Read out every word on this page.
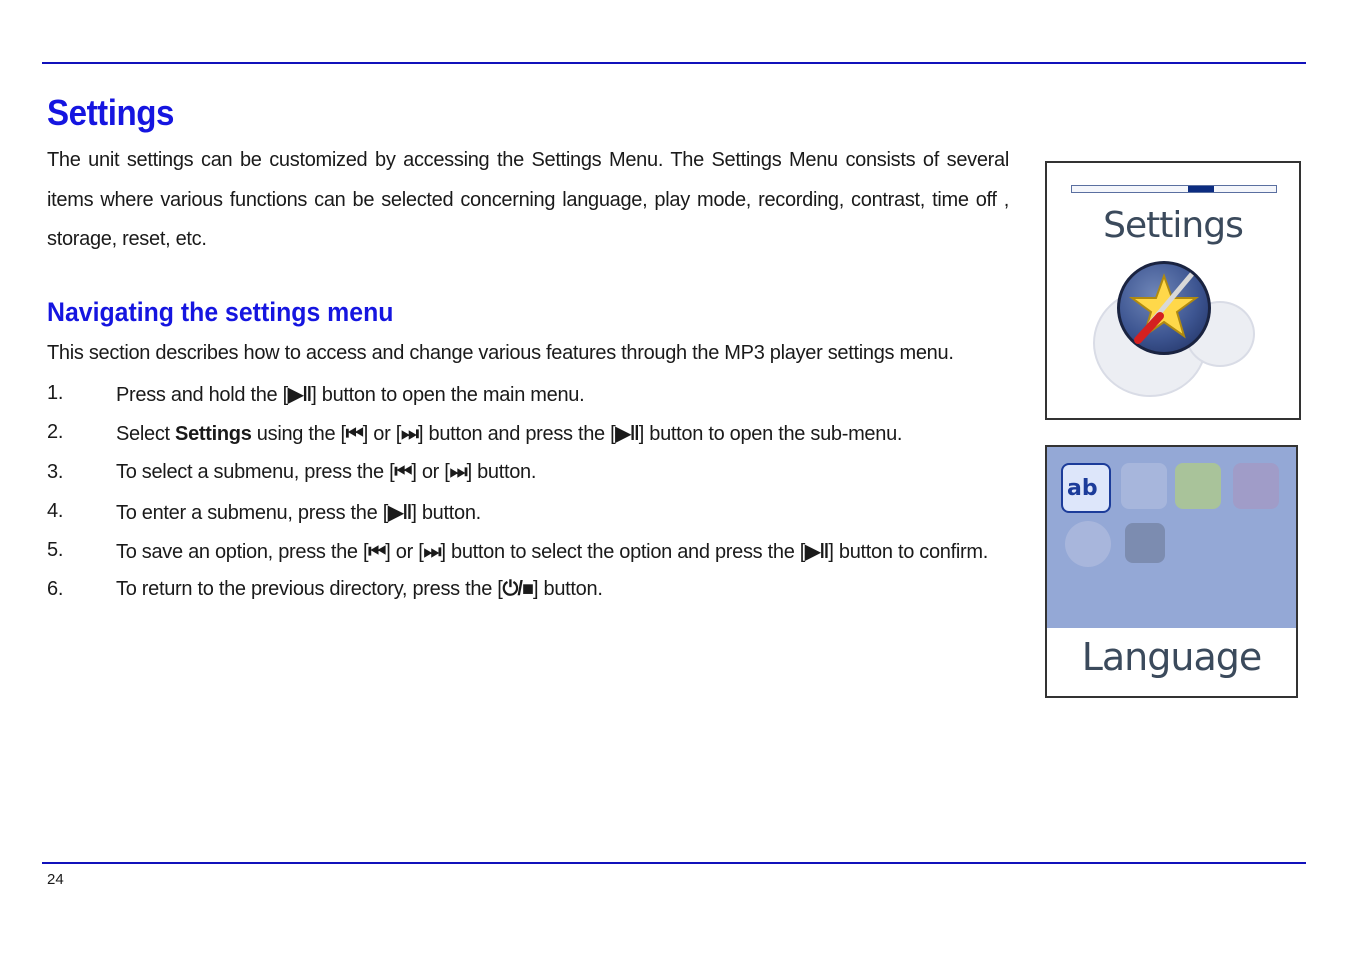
Settings

The unit settings can be customized by accessing the Settings Menu. The Settings Menu consists of several items where various functions can be selected concerning language, play mode, recording, contrast, time off , storage, reset, etc.

Navigating the settings menu

This section describes how to access and change various features through the MP3 player settings menu.

1.	Press and hold the [▶‖] button to open the main menu.
2.	Select Settings using the [⏮] or [⏭] button and press the [▶‖] button to open the sub-menu.
3.	To select a submenu, press the [⏮] or [⏭] button.
4.	To enter a submenu, press the [▶‖] button.
5.	To save an option, press the [⏮] or [⏭] button to select the option and press the [▶‖] button to confirm.
6.	To return to the previous directory, press the [⏻/■] button.
Settings
ab
Language
24
